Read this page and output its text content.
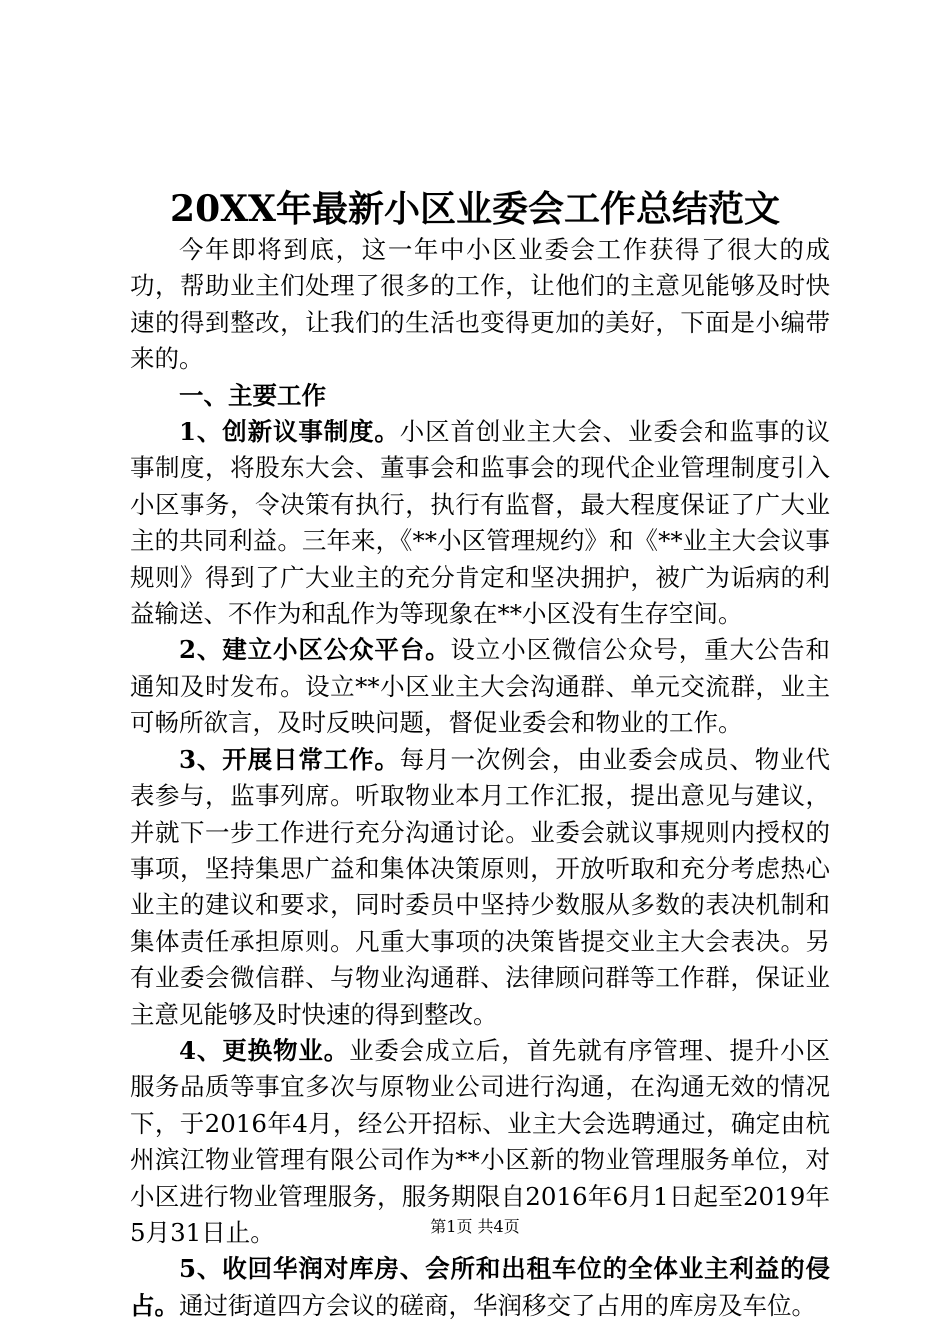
20XX年最新小区业委会工作总结范文

今年即将到底，这一年中小区业委会工作获得了很大的成功，帮助业主们处理了很多的工作，让他们的主意见能够及时快速的得到整改，让我们的生活也变得更加的美好，下面是小编带来的。

一、主要工作

1、创新议事制度。小区首创业主大会、业委会和监事的议事制度，将股东大会、董事会和监事会的现代企业管理制度引入小区事务，令决策有执行，执行有监督，最大程度保证了广大业主的共同利益。三年来，《**小区管理规约》和《**业主大会议事规则》得到了广大业主的充分肯定和坚决拥护，被广为诟病的利益输送、不作为和乱作为等现象在**小区没有生存空间。

2、建立小区公众平台。设立小区微信公众号，重大公告和通知及时发布。设立**小区业主大会沟通群、单元交流群，业主可畅所欲言，及时反映问题，督促业委会和物业的工作。

3、开展日常工作。每月一次例会，由业委会成员、物业代表参与，监事列席。听取物业本月工作汇报，提出意见与建议，并就下一步工作进行充分沟通讨论。业委会就议事规则内授权的事项，坚持集思广益和集体决策原则，开放听取和充分考虑热心业主的建议和要求，同时委员中坚持少数服从多数的表决机制和集体责任承担原则。凡重大事项的决策皆提交业主大会表决。另有业委会微信群、与物业沟通群、法律顾问群等工作群，保证业主意见能够及时快速的得到整改。

4、更换物业。业委会成立后，首先就有序管理、提升小区服务品质等事宜多次与原物业公司进行沟通，在沟通无效的情况下，于2016年4月，经公开招标、业主大会选聘通过，确定由杭州滨江物业管理有限公司作为**小区新的物业管理服务单位，对小区进行物业管理服务，服务期限自2016年6月1日起至2019年5月31日止。

5、收回华润对库房、会所和出租车位的全体业主利益的侵占。通过街道四方会议的磋商，华润移交了占用的库房及车位。

第1页 共4页
